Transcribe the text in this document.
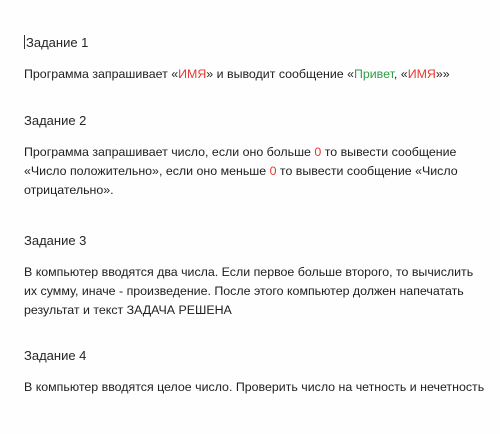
Задание 1

Программа запрашивает «ИМЯ» и выводит сообщение «Привет, «ИМЯ»»

Задание 2

Программа запрашивает число, если оно больше 0 то вывести сообщение «Число положительно», если оно меньше 0 то вывести сообщение «Число отрицательно».

Задание 3

В компьютер вводятся два числа. Если первое больше второго, то вычислить их сумму, иначе - произведение. После этого компьютер должен напечатать результат и текст ЗАДАЧА РЕШЕНА

Задание 4

В компьютер вводятся целое число. Проверить число на четность и нечетность
